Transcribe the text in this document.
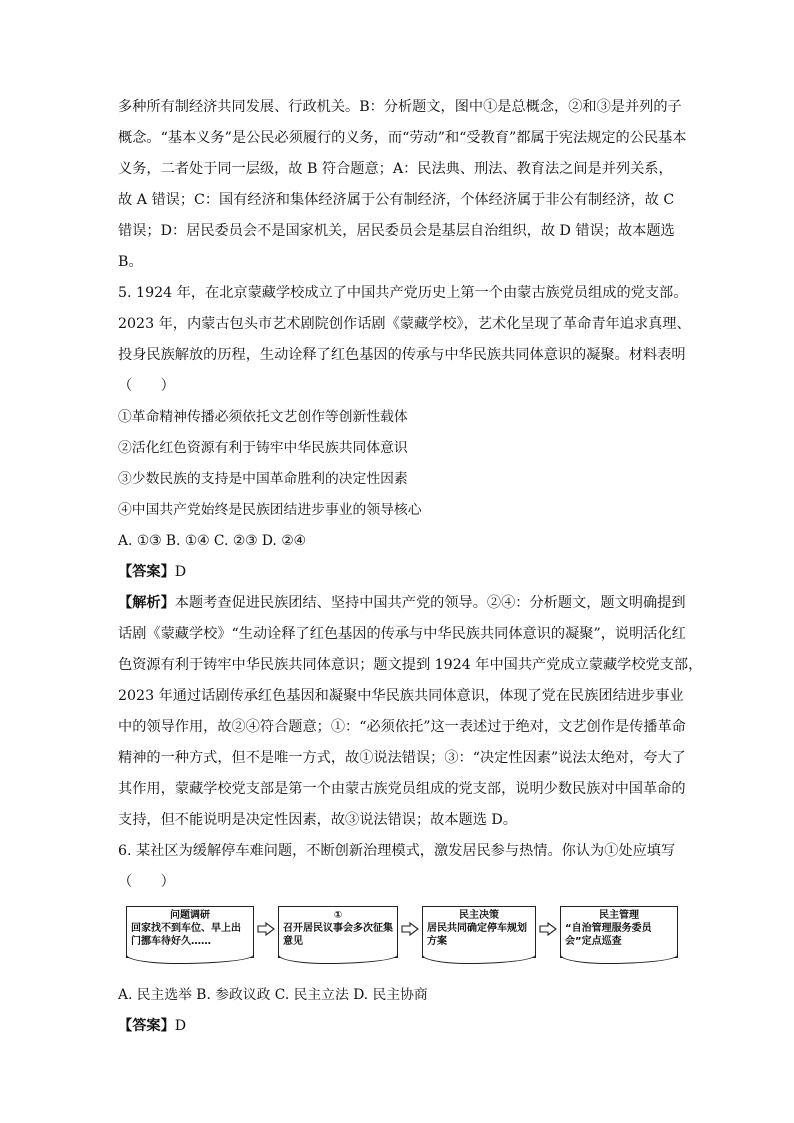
多种所有制经济共同发展、行政机关。B：分析题文，图中①是总概念，②和③是并列的子
概念。“基本义务”是公民必须履行的义务，而“劳动”和“受教育”都属于宪法规定的公民基本
义务，二者处于同一层级，故 B 符合题意；A：民法典、刑法、教育法之间是并列关系，
故 A 错误；C：国有经济和集体经济属于公有制经济，个体经济属于非公有制经济，故 C
错误；D：居民委员会不是国家机关，居民委员会是基层自治组织，故 D 错误；故本题选
B。
5. 1924 年，在北京蒙藏学校成立了中国共产党历史上第一个由蒙古族党员组成的党支部。
2023 年，内蒙古包头市艺术剧院创作话剧《蒙藏学校》，艺术化呈现了革命青年追求真理、
投身民族解放的历程，生动诠释了红色基因的传承与中华民族共同体意识的凝聚。材料表明
（　　）
①革命精神传播必须依托文艺创作等创新性载体
②活化红色资源有利于铸牢中华民族共同体意识
③少数民族的支持是中国革命胜利的决定性因素
④中国共产党始终是民族团结进步事业的领导核心
A. ①③ B. ①④ C. ②③ D. ②④
【答案】D
【解析】本题考查促进民族团结、坚持中国共产党的领导。②④：分析题文，题文明确提到
话剧《蒙藏学校》“生动诠释了红色基因的传承与中华民族共同体意识的凝聚”，说明活化红
色资源有利于铸牢中华民族共同体意识；题文提到 1924 年中国共产党成立蒙藏学校党支部，
2023 年通过话剧传承红色基因和凝聚中华民族共同体意识，体现了党在民族团结进步事业
中的领导作用，故②④符合题意；①：“必须依托”这一表述过于绝对，文艺创作是传播革命
精神的一种方式，但不是唯一方式，故①说法错误；③：“决定性因素”说法太绝对，夸大了
其作用，蒙藏学校党支部是第一个由蒙古族党员组成的党支部，说明少数民族对中国革命的
支持，但不能说明是决定性因素，故③说法错误；故本题选 D。
6. 某社区为缓解停车难问题，不断创新治理模式，激发居民参与热情。你认为①处应填写
（　　）
问题调研
回家找不到车位、早上出门挪车待好久……
①
召开居民议事会多次征集意见
民主决策
居民共同确定停车规划方案
民主管理
“自治管理服务委员会”定点巡查
A. 民主选举 B. 参政议政 C. 民主立法 D. 民主协商
【答案】D
